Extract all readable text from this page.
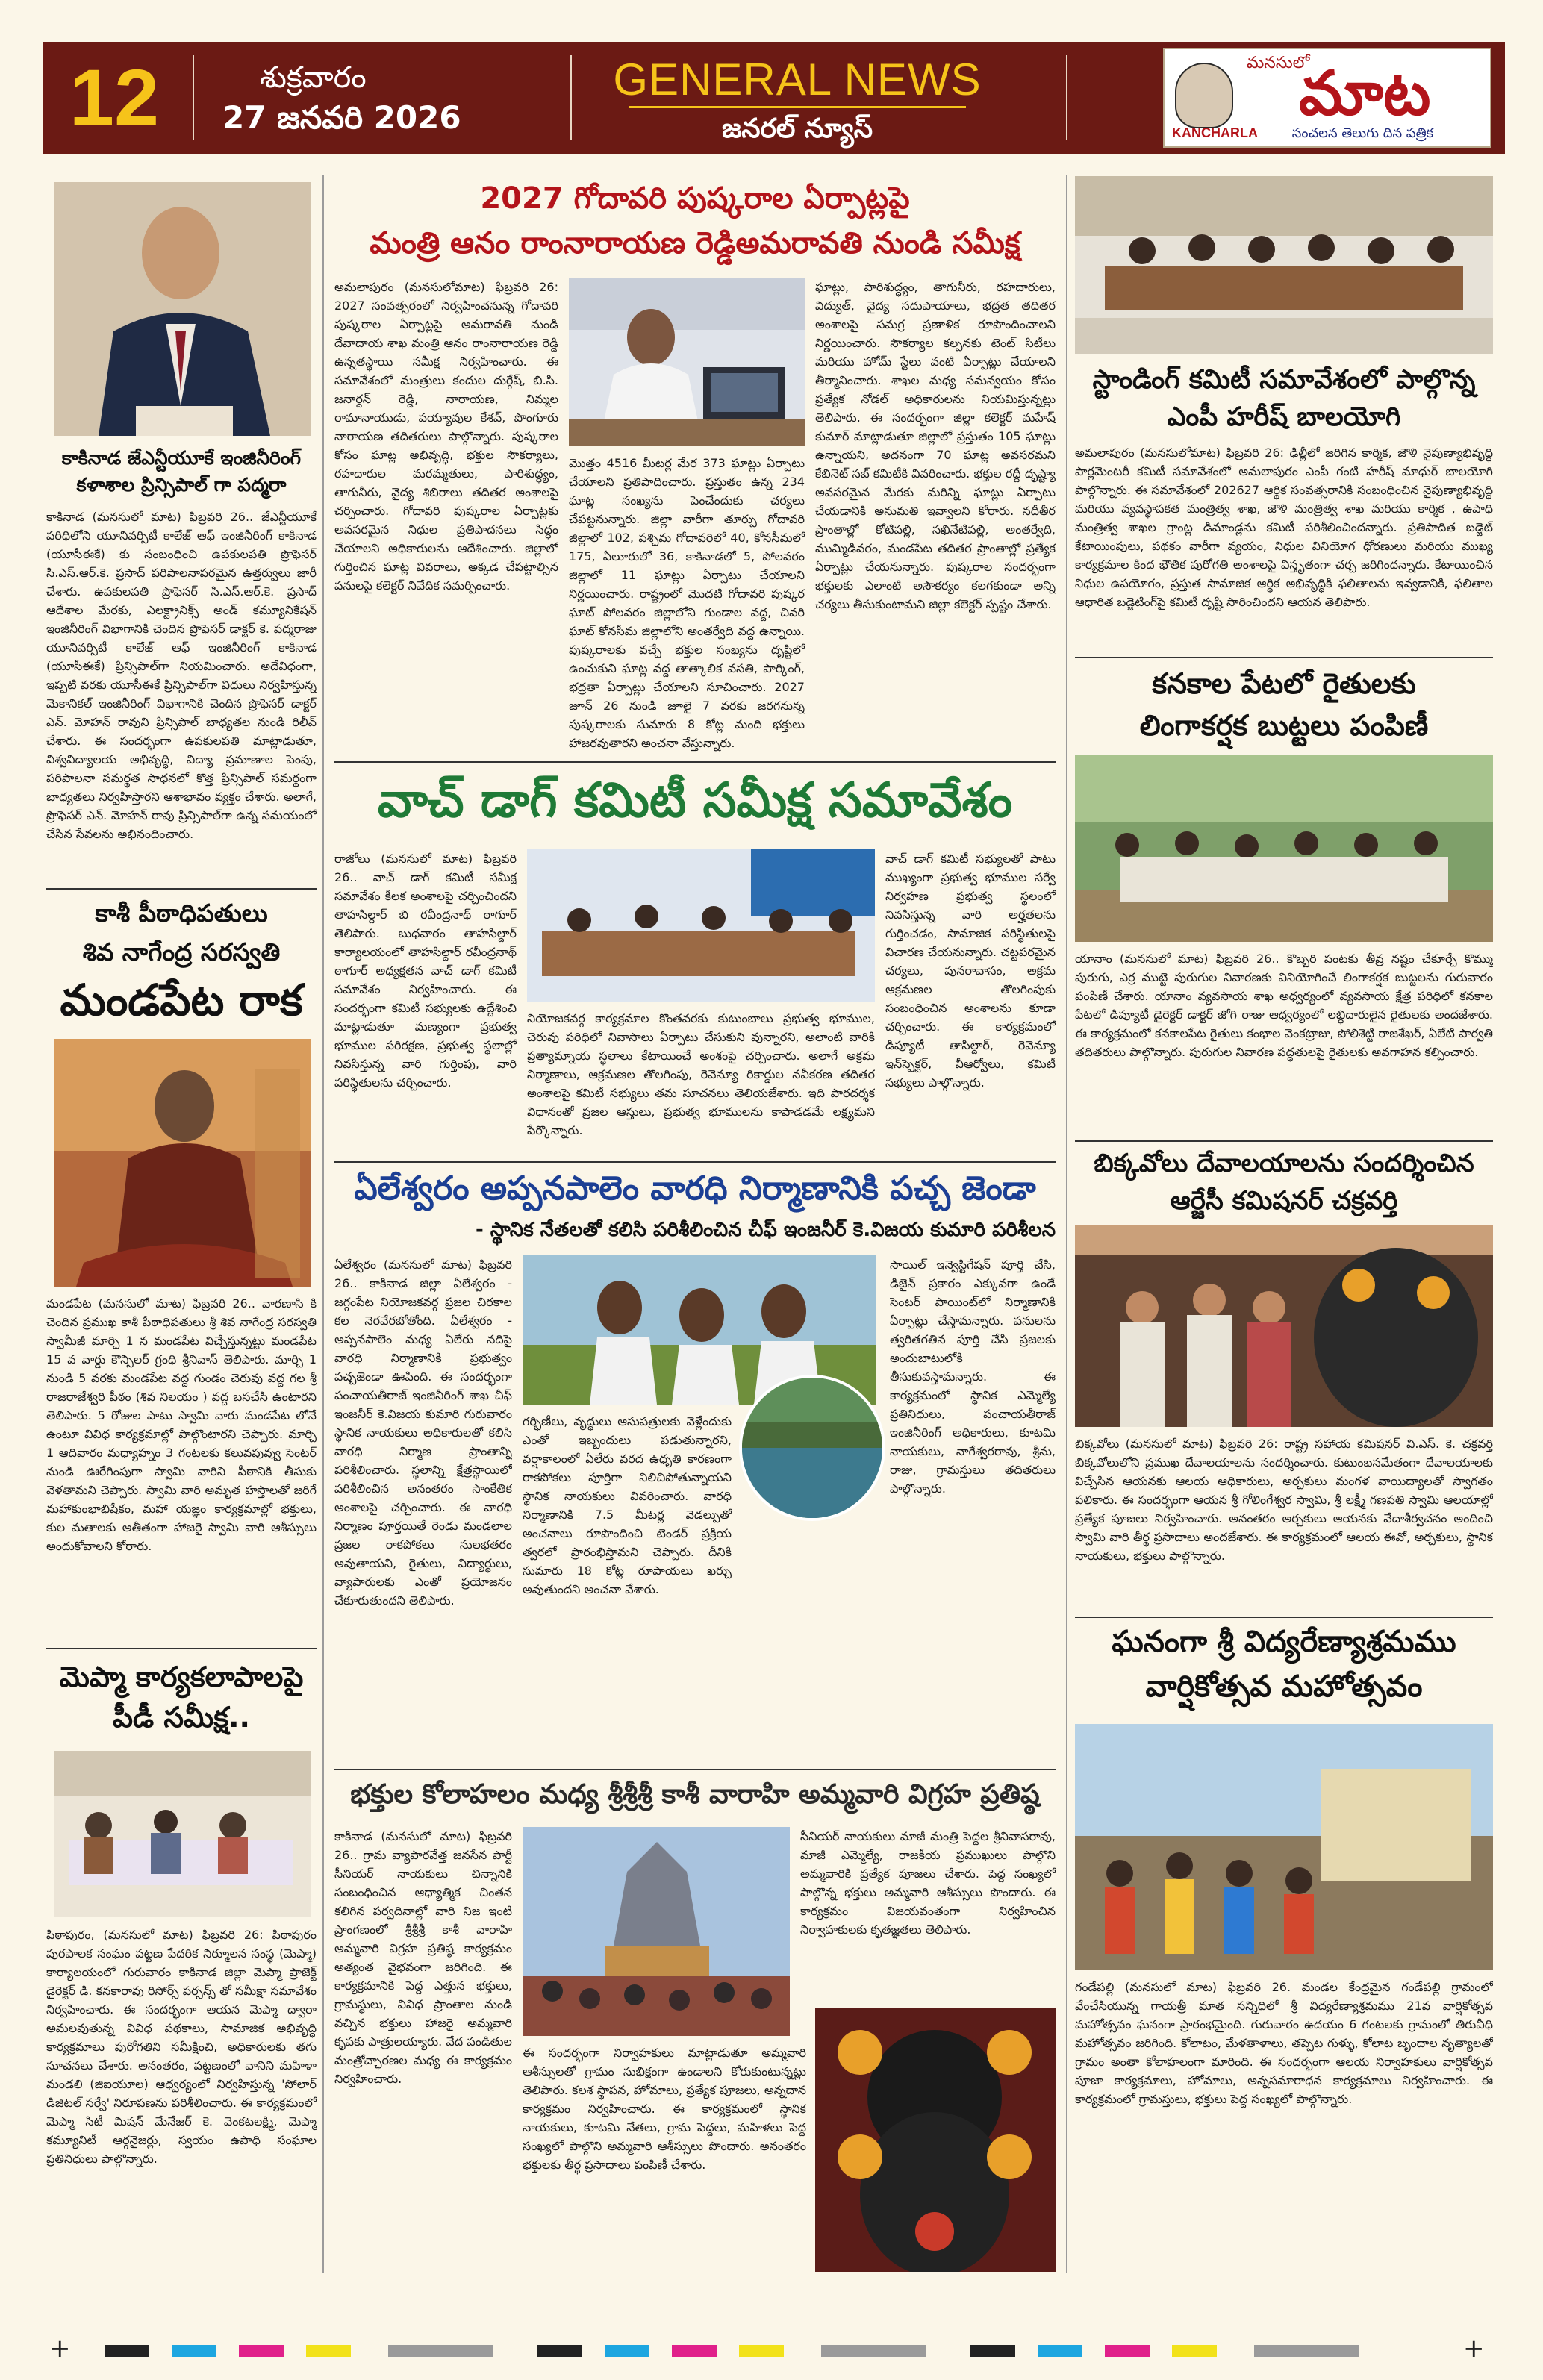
12	శుక్రవారం
27 జనవరి 2026
GENERAL NEWS
జనరల్ న్యూస్
మనసులో
మాట
KANCHARLA	సంచలన తెలుగు దిన పత్రిక
కాకినాడ జేఎన్టీయూకే ఇంజినీరింగ్
కళాశాల ప్రిన్సిపాల్ గా పద్మరా
కాకినాడ (మనసులో మాట) ఫిబ్రవరి 26.. జేఎన్టీయూకే పరిధిలోని యూనివర్సిటీ కాలేజ్ ఆఫ్ ఇంజినీరింగ్ కాకినాడ (యూసీఈకే) కు సంబంధించి ఉపకులపతి ప్రొఫెసర్ సి.ఎస్.ఆర్.కె. ప్రసాద్ పరిపాలనాపరమైన ఉత్తర్వులు జారీ చేశారు. ఉపకులపతి ప్రొఫెసర్ సి.ఎస్.ఆర్.కె. ప్రసాద్ ఆదేశాల మేరకు, ఎలక్ట్రానిక్స్ అండ్ కమ్యూనికేషన్ ఇంజినీరింగ్ విభాగానికి చెందిన ప్రొఫెసర్ డాక్టర్ కె. పద్మరాజు యూనివర్సిటీ కాలేజ్ ఆఫ్ ఇంజినీరింగ్ కాకినాడ (యూసీఈకే) ప్రిన్సిపాల్‌గా నియమించారు. అదేవిధంగా, ఇప్పటి వరకు యూసీఈకే ప్రిన్సిపాల్‌గా విధులు నిర్వహిస్తున్న మెకానికల్ ఇంజినీరింగ్ విభాగానికి చెందిన ప్రొఫెసర్ డాక్టర్ ఎన్. మోహన్ రావుని ప్రిన్సిపాల్ బాధ్యతల నుండి రిలీవ్ చేశారు. ఈ సందర్భంగా ఉపకులపతి మాట్లాడుతూ, విశ్వవిద్యాలయ అభివృద్ధి, విద్యా ప్రమాణాల పెంపు, పరిపాలనా సమర్థత సాధనలో కొత్త ప్రిన్సిపాల్ సమర్థంగా బాధ్యతలు నిర్వహిస్తారని ఆశాభావం వ్యక్తం చేశారు. అలాగే, ప్రొఫెసర్ ఎన్. మోహన్ రావు ప్రిన్సిపాల్‌గా ఉన్న సమయంలో చేసిన సేవలను అభినందించారు.
కాశీ పీఠాధిపతులు
శివ నాగేంద్ర సరస్వతి
మండపేట రాక
మండపేట (మనసులో మాట) ఫిబ్రవరి 26.. వారణాసి కి చెందిన ప్రముఖ కాశీ పీఠాధిపతులు శ్రీ శివ నాగేంద్ర సరస్వతి స్వామీజీ మార్చి 1 న మండపేట విచ్చేస్తున్నట్టు మండపేట 15 వ వార్డు కౌన్సిలర్ గ్రంధి శ్రీనివాస్ తెలిపారు. మార్చి 1 నుండి 5 వరకు మండపేట వద్ద గుండం చెరువు వద్ద గల శ్రీ రాజరాజేశ్వరి పీఠం (శివ నిలయం ) వద్ద బసచేసి ఉంటారని తెలిపారు. 5 రోజుల పాటు స్వామి వారు మండపేట లోనే ఉంటూ వివిధ కార్యక్రమాల్లో పాల్గొంటారని చెప్పారు. మార్చి 1 ఆదివారం మధ్యాహ్నం 3 గంటలకు కలువపువ్వు సెంటర్ నుండి ఊరేగింపుగా స్వామి వారిని పీఠానికి తీసుకు వెళతామని చెప్పారు. స్వామి వారి అమృత హస్తాలతో జరిగే మహాకుంభాభిషేకం, మహా యజ్ఞం కార్యక్రమాల్లో భక్తులు, కుల మతాలకు అతీతంగా హాజరై స్వామి వారి ఆశీస్సులు అందుకోవాలని కోరారు.
మెప్మా కార్యకలాపాలపై
పీడీ సమీక్ష..
పిఠాపురం, (మనసులో మాట) ఫిబ్రవరి 26: పిఠాపురం పురపాలక సంఘం పట్టణ పేదరిక నిర్మూలన సంస్థ (మెప్మా) కార్యాలయంలో గురువారం కాకినాడ జిల్లా మెప్మా ప్రాజెక్ట్ డైరెక్టర్ డి. కనకారావు రిసోర్స్ పర్సన్స్ తో సమీక్షా సమావేశం నిర్వహించారు. ఈ సందర్భంగా ఆయన మెప్మా ద్వారా అమలవుతున్న వివిధ పథకాలు, సామాజిక అభివృద్ధి కార్యక్రమాలు పురోగతిని సమీక్షించి, అధికారులకు తగు సూచనలు చేశారు. అనంతరం, పట్టణంలో వానిని మహిళా మండలి (జిఐయూల) ఆధ్వర్యంలో నిర్వహిస్తున్న 'సోలార్ డిజిటల్ సర్వే' నిరూపణను పరిశీలించారు. ఈ కార్యక్రమంలో మెప్మా సిటీ మిషన్ మేనేజర్ కె. వెంకటలక్ష్మి, మెప్మా కమ్యూనిటీ ఆర్గనైజర్లు, స్వయం ఉపాధి సంఘాల ప్రతినిధులు పాల్గొన్నారు.
2027 గోదావరి పుష్కరాల ఏర్పాట్లపై
మంత్రి ఆనం రాంనారాయణ రెడ్డిఅమరావతి నుండి సమీక్ష
అమలాపురం (మనసులోమాట) ఫిబ్రవరి 26: 2027 సంవత్సరంలో నిర్వహించనున్న గోదావరి పుష్కరాల ఏర్పాట్లపై అమరావతి నుండి దేవాదాయ శాఖ మంత్రి ఆనం రాంనారాయణ రెడ్డి ఉన్నతస్థాయి సమీక్ష నిర్వహించారు. ఈ సమావేశంలో మంత్రులు కందుల దుర్గేష్, బి.సి. జనార్దన్ రెడ్డి, నారాయణ, నిమ్మల రామానాయుడు, పయ్యావుల కేశవ్, పొంగూరు నారాయణ తదితరులు పాల్గొన్నారు. పుష్కరాల కోసం ఘాట్ల అభివృద్ధి, భక్తుల సౌకర్యాలు, రహదారుల మరమ్మతులు, పారిశుద్ధ్యం, తాగునీరు, వైద్య శిబిరాలు తదితర అంశాలపై చర్చించారు. గోదావరి పుష్కరాల ఏర్పాట్లకు అవసరమైన నిధుల ప్రతిపాదనలు సిద్ధం చేయాలని అధికారులను ఆదేశించారు. జిల్లాలో గుర్తించిన ఘాట్ల వివరాలు, అక్కడ చేపట్టాల్సిన పనులపై కలెక్టర్ నివేదిక సమర్పించారు.
మొత్తం 4516 మీటర్ల మేర 373 ఘాట్లు ఏర్పాటు చేయాలని ప్రతిపాదించారు. ప్రస్తుతం ఉన్న 234 ఘాట్ల సంఖ్యను పెంచేందుకు చర్యలు చేపట్టనున్నారు. జిల్లా వారీగా తూర్పు గోదావరి జిల్లాలో 102, పశ్చిమ గోదావరిలో 40, కోనసీమలో 175, ఏలూరులో 36, కాకినాడలో 5, పోలవరం జిల్లాలో 11 ఘాట్లు ఏర్పాటు చేయాలని నిర్ణయించారు. రాష్ట్రంలో మొదటి గోదావరి పుష్కర ఘాట్ పోలవరం జిల్లాలోని గుండాల వద్ద, చివరి ఘాట్ కోనసీమ జిల్లాలోని అంతర్వేది వద్ద ఉన్నాయి. పుష్కరాలకు వచ్చే భక్తుల సంఖ్యను దృష్టిలో ఉంచుకుని ఘాట్ల వద్ద తాత్కాలిక వసతి, పార్కింగ్, భద్రతా ఏర్పాట్లు చేయాలని సూచించారు. 2027 జూన్ 26 నుండి జూలై 7 వరకు జరగనున్న పుష్కరాలకు సుమారు 8 కోట్ల మంది భక్తులు హాజరవుతారని అంచనా వేస్తున్నారు.
ఘాట్లు, పారిశుద్ధ్యం, తాగునీరు, రహదారులు, విద్యుత్, వైద్య సదుపాయాలు, భద్రత తదితర అంశాలపై సమగ్ర ప్రణాళిక రూపొందించాలని నిర్ణయించారు. సౌకర్యాల కల్పనకు టెంట్ సిటీలు మరియు హోమ్ స్టేలు వంటి ఏర్పాట్లు చేయాలని తీర్మానించారు. శాఖల మధ్య సమన్వయం కోసం ప్రత్యేక నోడల్ అధికారులను నియమిస్తున్నట్లు తెలిపారు. ఈ సందర్భంగా జిల్లా కలెక్టర్ మహేష్ కుమార్ మాట్లాడుతూ జిల్లాలో ప్రస్తుతం 105 ఘాట్లు ఉన్నాయని, అదనంగా 70 ఘాట్ల అవసరమని కేబినెట్ సబ్ కమిటీకి వివరించారు. భక్తుల రద్దీ దృష్ట్యా అవసరమైన మేరకు మరిన్ని ఘాట్లు ఏర్పాటు చేయడానికి అనుమతి ఇవ్వాలని కోరారు. నదీతీర ప్రాంతాల్లో కోటిపల్లి, సఖినేటిపల్లి, అంతర్వేది, ముమ్మిడివరం, మండపేట తదితర ప్రాంతాల్లో ప్రత్యేక ఏర్పాట్లు చేయనున్నారు. పుష్కరాల సందర్భంగా భక్తులకు ఎలాంటి అసౌకర్యం కలగకుండా అన్ని చర్యలు తీసుకుంటామని జిల్లా కలెక్టర్ స్పష్టం చేశారు.
వాచ్ డాగ్ కమిటీ సమీక్ష సమావేశం
రాజోలు (మనసులో మాట) ఫిబ్రవరి 26.. వాచ్ డాగ్ కమిటీ సమీక్ష సమావేశం కీలక అంశాలపై చర్చించిందని తాహసిల్దార్ బి రవీంద్రనాథ్ ఠాగూర్ తెలిపారు. బుధవారం తాహసిల్దార్ కార్యాలయంలో తాహసిల్దార్ రవీంద్రనాథ్ ఠాగూర్ అధ్యక్షతన వాచ్ డాగ్ కమిటీ సమావేశం నిర్వహించారు. ఈ సందర్భంగా కమిటీ సభ్యులకు ఉద్దేశించి మాట్లాడుతూ మణ్యంగా ప్రభుత్వ భూముల పరిరక్షణ, ప్రభుత్వ స్థలాల్లో నివసిస్తున్న వారి గుర్తింపు, వారి పరిస్థితులను చర్చించారు.
నియోజకవర్గ కార్యక్రమాల కొంతవరకు కుటుంబాలు ప్రభుత్వ భూముల, చెరువు పరిధిలో నివాసాలు ఏర్పాటు చేసుకుని వున్నారని, అలాంటి వారికి ప్రత్యామ్నాయ స్థలాలు కేటాయించే అంశంపై చర్చించారు. అలాగే అక్రమ నిర్మాణాలు, ఆక్రమణల తొలగింపు, రెవెన్యూ రికార్డుల నవీకరణ తదితర అంశాలపై కమిటీ సభ్యులు తమ సూచనలు తెలియజేశారు. ఇది పారదర్శక విధానంతో ప్రజల ఆస్తులు, ప్రభుత్వ భూములను కాపాడడమే లక్ష్యమని పేర్కొన్నారు.
వాచ్ డాగ్ కమిటీ సభ్యులతో పాటు ముఖ్యంగా ప్రభుత్వ భూముల సర్వే నిర్వహణ ప్రభుత్వ స్థలంలో నివసిస్తున్న వారి అర్హతలను గుర్తించడం, సామాజిక పరిస్థితులపై విచారణ చేయనున్నారు. చట్టపరమైన చర్యలు, పునరావాసం, అక్రమ ఆక్రమణల తొలగింపుకు సంబంధించిన అంశాలను కూడా చర్చించారు. ఈ కార్యక్రమంలో డిప్యూటీ తాసిల్దార్, రెవెన్యూ ఇన్‌స్పెక్టర్, వీఆర్వోలు, కమిటీ సభ్యులు పాల్గొన్నారు.
ఏలేశ్వరం అప్పనపాలెం వారధి నిర్మాణానికి పచ్చ జెండా
- స్థానిక నేతలతో కలిసి పరిశీలించిన చీఫ్ ఇంజనీర్ కె.విజయ కుమారి పరిశీలన
ఏలేశ్వరం (మనసులో మాట) ఫిబ్రవరి 26.. కాకినాడ జిల్లా ఏలేశ్వరం - జగ్గంపేట నియోజకవర్గ ప్రజల చిరకాల కల నెరవేరబోతోంది. ఏలేశ్వరం - అప్పనపాలెం మధ్య ఏలేరు నదిపై వారధి నిర్మాణానికి ప్రభుత్వం పచ్చజెండా ఊపింది. ఈ సందర్భంగా పంచాయతీరాజ్ ఇంజినీరింగ్ శాఖ చీఫ్ ఇంజనీర్ కె.విజయ కుమారి గురువారం స్థానిక నాయకులు అధికారులతో కలిసి వారధి నిర్మాణ ప్రాంతాన్ని పరిశీలించారు. స్థలాన్ని క్షేత్రస్థాయిలో పరిశీలించిన అనంతరం సాంకేతిక అంశాలపై చర్చించారు. ఈ వారధి నిర్మాణం పూర్తయితే రెండు మండలాల ప్రజల రాకపోకలు సులభతరం అవుతాయని, రైతులు, విద్యార్థులు, వ్యాపారులకు ఎంతో ప్రయోజనం చేకూరుతుందని తెలిపారు.
గర్భిణీలు, వృద్ధులు ఆసుపత్రులకు వెళ్లేందుకు ఎంతో ఇబ్బందులు పడుతున్నారని, వర్షాకాలంలో ఏలేరు వరద ఉధృతి కారణంగా రాకపోకలు పూర్తిగా నిలిచిపోతున్నాయని స్థానిక నాయకులు వివరించారు. వారధి నిర్మాణానికి 7.5 మీటర్ల వెడల్పుతో అంచనాలు రూపొందించి టెండర్ ప్రక్రియ త్వరలో ప్రారంభిస్తామని చెప్పారు. దీనికి సుమారు 18 కోట్ల రూపాయలు ఖర్చు అవుతుందని అంచనా వేశారు.
సాయిల్ ఇన్వెస్టిగేషన్ పూర్తి చేసి, డిజైన్ ప్రకారం ఎక్కువగా ఉండే సెంటర్ పాయింట్‌లో నిర్మాణానికి ఏర్పాట్లు చేస్తామన్నారు. పనులను త్వరితగతిన పూర్తి చేసి ప్రజలకు అందుబాటులోకి తీసుకువస్తామన్నారు. ఈ కార్యక్రమంలో స్థానిక ఎమ్మెల్యే ప్రతినిధులు, పంచాయతీరాజ్ ఇంజినీరింగ్ అధికారులు, కూటమి నాయకులు, నాగేశ్వరరావు, శ్రీను, రాజు, గ్రామస్తులు తదితరులు పాల్గొన్నారు.
భక్తుల కోలాహలం మధ్య శ్రీశ్రీశ్రీ కాశీ వారాహి అమ్మవారి విగ్రహ ప్రతిష్ఠ
కాకినాడ (మనసులో మాట) ఫిబ్రవరి 26.. గ్రామ వ్యాపారవేత్త జనసేన పార్టీ సీనియర్ నాయకులు చిన్నానికి సంబంధించిన ఆధ్యాత్మిక చింతన కలిగిన పర్వదినాల్లో వారి నిజ ఇంటి ప్రాంగణంలో శ్రీశ్రీశ్రీ కాశీ వారాహి అమ్మవారి విగ్రహ ప్రతిష్ఠ కార్యక్రమం అత్యంత వైభవంగా జరిగింది. ఈ కార్యక్రమానికి పెద్ద ఎత్తున భక్తులు, గ్రామస్థులు, వివిధ ప్రాంతాల నుండి వచ్చిన భక్తులు హాజరై అమ్మవారి కృపకు పాత్రులయ్యారు. వేద పండితుల మంత్రోచ్ఛారణల మధ్య ఈ కార్యక్రమం నిర్వహించారు.
సీనియర్ నాయకులు మాజీ మంత్రి పెద్దల శ్రీనివాసరావు, మాజీ ఎమ్మెల్యే, రాజకీయ ప్రముఖులు పాల్గొని అమ్మవారికి ప్రత్యేక పూజలు చేశారు. పెద్ద సంఖ్యలో పాల్గొన్న భక్తులు అమ్మవారి ఆశీస్సులు పొందారు. ఈ కార్యక్రమం విజయవంతంగా నిర్వహించిన నిర్వాహకులకు కృతజ్ఞతలు తెలిపారు.
ఈ సందర్భంగా నిర్వాహకులు మాట్లాడుతూ అమ్మవారి ఆశీస్సులతో గ్రామం సుభిక్షంగా ఉండాలని కోరుకుంటున్నట్లు తెలిపారు. కలశ స్థాపన, హోమాలు, ప్రత్యేక పూజలు, అన్నదాన కార్యక్రమం నిర్వహించారు. ఈ కార్యక్రమంలో స్థానిక నాయకులు, కూటమి నేతలు, గ్రామ పెద్దలు, మహిళలు పెద్ద సంఖ్యలో పాల్గొని అమ్మవారి ఆశీస్సులు పొందారు. అనంతరం భక్తులకు తీర్థ ప్రసాదాలు పంపిణీ చేశారు.
స్టాండింగ్ కమిటీ సమావేశంలో పాల్గొన్న
ఎంపీ హరీష్ బాలయోగి
అమలాపురం (మనసులోమాట) ఫిబ్రవరి 26: ఢిల్లీలో జరిగిన కార్మిక, జౌళి నైపుణ్యాభివృద్ధి పార్లమెంటరీ కమిటీ సమావేశంలో అమలాపురం ఎంపీ గంటి హరీష్ మాధుర్ బాలయోగి పాల్గొన్నారు. ఈ సమావేశంలో 202627 ఆర్థిక సంవత్సరానికి సంబంధించిన నైపుణ్యాభివృద్ధి మరియు వ్యవస్థాపకత మంత్రిత్వ శాఖ, జౌళి మంత్రిత్వ శాఖ మరియు కార్మిక , ఉపాధి మంత్రిత్వ శాఖల గ్రాంట్ల డిమాండ్లను కమిటీ పరిశీలించిందన్నారు. ప్రతిపాదిత బడ్జెట్ కేటాయింపులు, పథకం వారీగా వ్యయం, నిధుల వినియోగ ధోరణులు మరియు ముఖ్య కార్యక్రమాల కింద భౌతిక పురోగతి అంశాలపై విస్తృతంగా చర్చ జరిగిందన్నారు. కేటాయించిన నిధుల ఉపయోగం, ప్రస్తుత సామాజిక ఆర్థిక అభివృద్ధికి ఫలితాలను ఇవ్వడానికి, ఫలితాల ఆధారిత బడ్జెటింగ్‌పై కమిటీ దృష్టి సారించిందని ఆయన తెలిపారు.
కనకాల పేటలో రైతులకు
లింగాకర్షక బుట్టలు పంపిణీ
యానాం (మనసులో మాట) ఫిబ్రవరి 26.. కొబ్బరి పంటకు తీవ్ర నష్టం చేకూర్చే కొమ్ము పురుగు, ఎర్ర ముట్టె పురుగుల నివారణకు వినియోగించే లింగాకర్షక బుట్టలను గురువారం పంపిణీ చేశారు. యానాం వ్యవసాయ శాఖ అధ్వర్యంలో వ్యవసాయ క్షేత్ర పరిధిలో కనకాల పేటలో డిప్యూటీ డైరెక్టర్ డాక్టర్ జోగి రాజు ఆధ్వర్యంలో లబ్ధిదారులైన రైతులకు అందజేశారు. ఈ కార్యక్రమంలో కనకాలపేట రైతులు కంభాల వెంకట్రాజు, పోలిశెట్టి రాజశేఖర్, ఏలేటి పార్వతి తదితరులు పాల్గొన్నారు. పురుగుల నివారణ పద్ధతులపై రైతులకు అవగాహన కల్పించారు.
బిక్కవోలు దేవాలయాలను సందర్శించిన
ఆర్జేసీ కమిషనర్ చక్రవర్తి
బిక్కవోలు (మనసులో మాట) ఫిబ్రవరి 26: రాష్ట్ర సహాయ కమిషనర్ వి.ఎస్. కె. చక్రవర్తి బిక్కవోలులోని ప్రముఖ దేవాలయాలను సందర్శించారు. కుటుంబసమేతంగా దేవాలయాలకు విచ్చేసిన ఆయనకు ఆలయ ఆధికారులు, అర్చకులు మంగళ వాయిద్యాలతో స్వాగతం పలికారు. ఈ సందర్భంగా ఆయన శ్రీ గోలింగేశ్వర స్వామి, శ్రీ లక్ష్మీ గణపతి స్వామి ఆలయాల్లో ప్రత్యేక పూజలు నిర్వహించారు. అనంతరం అర్చకులు ఆయనకు వేదాశీర్వచనం అందించి స్వామి వారి తీర్థ ప్రసాదాలు అందజేశారు. ఈ కార్యక్రమంలో ఆలయ ఈవో, అర్చకులు, స్థానిక నాయకులు, భక్తులు పాల్గొన్నారు.
ఘనంగా శ్రీ విద్యరేణ్యాశ్రమము
వార్షికోత్సవ మహోత్సవం
గండేపల్లి (మనసులో మాట) ఫిబ్రవరి 26. మండల కేంద్రమైన గండేపల్లి గ్రామంలో వేంచేసియున్న గాయత్రీ మాత సన్నిధిలో శ్రీ విద్యరేణ్యాశ్రమము 21వ వార్షికోత్సవ మహోత్సవం ఘనంగా ప్రారంభమైంది. గురువారం ఉదయం 6 గంటలకు గ్రామంలో తిరువీధి మహోత్సవం జరిగింది. కోలాటం, మేళతాళాలు, తప్పెట గుళ్ళు, కోలాట బృందాల నృత్యాలతో గ్రామం అంతా కోలాహలంగా మారింది. ఈ సందర్భంగా ఆలయ నిర్వాహకులు వార్షికోత్సవ పూజా కార్యక్రమాలు, హోమాలు, అన్నసమారాధన కార్యక్రమాలు నిర్వహించారు. ఈ కార్యక్రమంలో గ్రామస్తులు, భక్తులు పెద్ద సంఖ్యలో పాల్గొన్నారు.
+	+
